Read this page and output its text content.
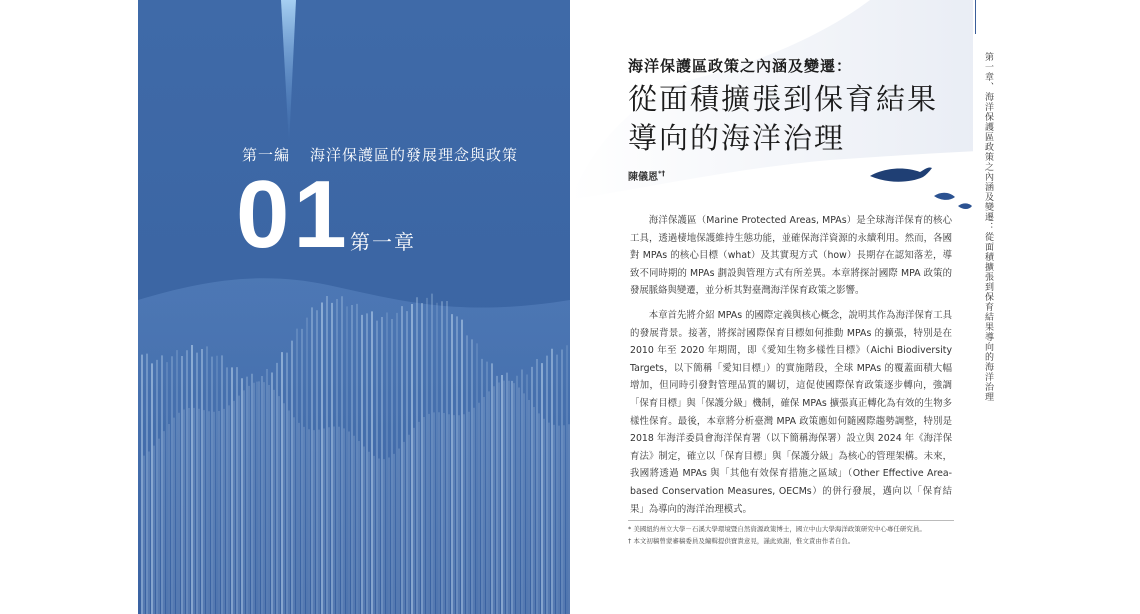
第一編 海洋保護區的發展理念與政策
01 第一章
海洋保護區政策之內涵及變遷：
從面積擴張到保育結果
導向的海洋治理
陳儀恩*†

海洋保護區（Marine Protected Areas, MPAs）是全球海洋保育的核心工具，透過棲地保護維持生態功能，並確保海洋資源的永續利用。然而，各國對 MPAs 的核心目標（what）及其實現方式（how）長期存在認知落差，導致不同時期的 MPAs 劃設與管理方式有所差異。本章將探討國際 MPA 政策的發展脈絡與變遷，並分析其對臺灣海洋保育政策之影響。

本章首先將介紹 MPAs 的國際定義與核心概念，說明其作為海洋保育工具的發展背景。接著，將探討國際保育目標如何推動 MPAs 的擴張，特別是在 2010 年至 2020 年期間，即《愛知生物多樣性目標》（Aichi Biodiversity Targets，以下簡稱「愛知目標」）的實施階段，全球 MPAs 的覆蓋面積大幅增加，但同時引發對管理品質的關切，這促使國際保育政策逐步轉向，強調「保育目標」與「保護分級」機制，確保 MPAs 擴張真正轉化為有效的生物多樣性保育。最後，本章將分析臺灣 MPA 政策應如何隨國際趨勢調整，特別是 2018 年海洋委員會海洋保育署（以下簡稱海保署）設立與 2024 年《海洋保育法》制定，確立以「保育目標」與「保護分級」為核心的管理架構。未來，我國將透過 MPAs 與「其他有效保育措施之區域」（Other Effective Area-based Conservation Measures, OECMs）的併行發展，邁向以「保育結果」為導向的海洋治理模式。

* 美國紐約州立大學－石溪大學環境暨自然資源政策博士，國立中山大學海洋政策研究中心專任研究員。
† 本文初稿曾蒙審稿委員及編輯提供寶貴意見，謹此致謝，惟文責由作者自負。
第一章、海洋保護區政策之內涵及變遷：從面積擴張到保育結果導向的海洋治理
